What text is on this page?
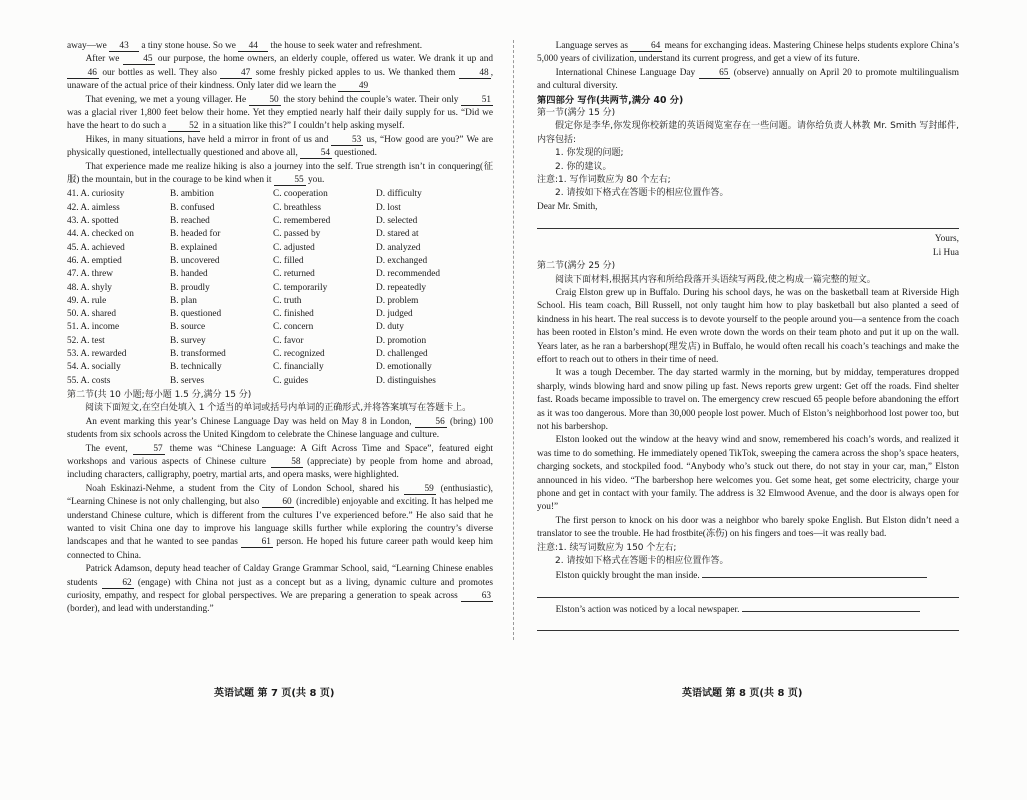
away—we 43 a tiny stone house. So we 44 the house to seek water and refreshment.

After we 45 our purpose, the home owners, an elderly couple, offered us water. We drank it up and 46 our bottles as well. They also 47 some freshly picked apples to us. We thanked them 48 , unaware of the actual price of their kindness. Only later did we learn the 49

That evening, we met a young villager. He 50 the story behind the couple’s water. Their only 51 was a glacial river 1,800 feet below their home. Yet they emptied nearly half their daily supply for us. “Did we have the heart to do such a 52 in a situation like this?” I couldn’t help asking myself.

Hikes, in many situations, have held a mirror in front of us and 53 us, “How good are you?” We are physically questioned, intellectually questioned and above all, 54 questioned.

That experience made me realize hiking is also a journey into the self. True strength isn’t in conquering(征服) the mountain, but in the courage to be kind when it 55 you.

41. A. curiosity	B. ambition	C. cooperation	D. difficulty
42. A. aimless	B. confused	C. breathless	D. lost
43. A. spotted	B. reached	C. remembered	D. selected
44. A. checked on	B. headed for	C. passed by	D. stared at
45. A. achieved	B. explained	C. adjusted	D. analyzed
46. A. emptied	B. uncovered	C. filled	D. exchanged
47. A. threw	B. handed	C. returned	D. recommended
48. A. shyly	B. proudly	C. temporarily	D. repeatedly
49. A. rule	B. plan	C. truth	D. problem
50. A. shared	B. questioned	C. finished	D. judged
51. A. income	B. source	C. concern	D. duty
52. A. test	B. survey	C. favor	D. promotion
53. A. rewarded	B. transformed	C. recognized	D. challenged
54. A. socially	B. technically	C. financially	D. emotionally
55. A. costs	B. serves	C. guides	D. distinguishes

第二节(共 10 小题;每小题 1.5 分,满分 15 分)

阅读下面短文,在空白处填入 1 个适当的单词或括号内单词的正确形式,并将答案填写在答题卡上。

An event marking this year’s Chinese Language Day was held on May 8 in London, 56 (bring) 100 students from six schools across the United Kingdom to celebrate the Chinese language and culture.

The event, 57 theme was “Chinese Language: A Gift Across Time and Space”, featured eight workshops and various aspects of Chinese culture 58 (appreciate) by people from home and abroad, including characters, calligraphy, poetry, martial arts, and opera masks, were highlighted.

Noah Eskinazi-Nehme, a student from the City of London School, shared his 59 (enthusiastic), “Learning Chinese is not only challenging, but also 60 (incredible) enjoyable and exciting. It has helped me understand Chinese culture, which is different from the cultures I’ve experienced before.” He also said that he wanted to visit China one day to improve his language skills further while exploring the country’s diverse landscapes and that he wanted to see pandas 61 person. He hoped his future career path would keep him connected to China.

Patrick Adamson, deputy head teacher of Calday Grange Grammar School, said, “Learning Chinese enables students 62 (engage) with China not just as a concept but as a living, dynamic culture and promotes curiosity, empathy, and respect for global perspectives. We are preparing a generation to speak across 63 (border), and lead with understanding.”

Language serves as 64 means for exchanging ideas. Mastering Chinese helps students explore China’s 5,000 years of civilization, understand its current progress, and get a view of its future.

International Chinese Language Day 65 (observe) annually on April 20 to promote multilingualism and cultural diversity.

第四部分 写作(共两节,满分 40 分)

第一节(满分 15 分)

假定你是李华,你发现你校新建的英语阅览室存在一些问题。请你给负责人林教 Mr. Smith 写封邮件,内容包括:

1. 你发现的问题;

2. 你的建议。

注意:1. 写作词数应为 80 个左右;

2. 请按如下格式在答题卡的相应位置作答。

Dear Mr. Smith,

Yours,

Li Hua

第二节(满分 25 分)

阅读下面材料,根据其内容和所给段落开头语续写两段,使之构成一篇完整的短文。

Craig Elston grew up in Buffalo. During his school days, he was on the basketball team at Riverside High School. His team coach, Bill Russell, not only taught him how to play basketball but also planted a seed of kindness in his heart. The real success is to devote yourself to the people around you—a sentence from the coach has been rooted in Elston’s mind. He even wrote down the words on their team photo and put it up on the wall. Years later, as he ran a barbershop(理发店) in Buffalo, he would often recall his coach’s teachings and make the effort to reach out to others in their time of need.

It was a tough December. The day started warmly in the morning, but by midday, temperatures dropped sharply, winds blowing hard and snow piling up fast. News reports grew urgent: Get off the roads. Find shelter fast. Roads became impossible to travel on. The emergency crew rescued 65 people before abandoning the effort as it was too dangerous. More than 30,000 people lost power. Much of Elston’s neighborhood lost power too, but not his barbershop.

Elston looked out the window at the heavy wind and snow, remembered his coach’s words, and realized it was time to do something. He immediately opened TikTok, sweeping the camera across the shop’s space heaters, charging sockets, and stockpiled food. “Anybody who’s stuck out there, do not stay in your car, man,” Elston announced in his video. “The barbershop here welcomes you. Get some heat, get some electricity, charge your phone and get in contact with your family. The address is 32 Elmwood Avenue, and the door is always open for you!”

The first person to knock on his door was a neighbor who barely spoke English. But Elston didn’t need a translator to see the trouble. He had frostbite(冻伤) on his fingers and toes—it was really bad.

注意:1. 续写词数应为 150 个左右;

2. 请按如下格式在答题卡的相应位置作答。

Elston quickly brought the man inside.

Elston’s action was noticed by a local newspaper.

英语试题 第 7 页(共 8 页)	英语试题 第 8 页(共 8 页)
